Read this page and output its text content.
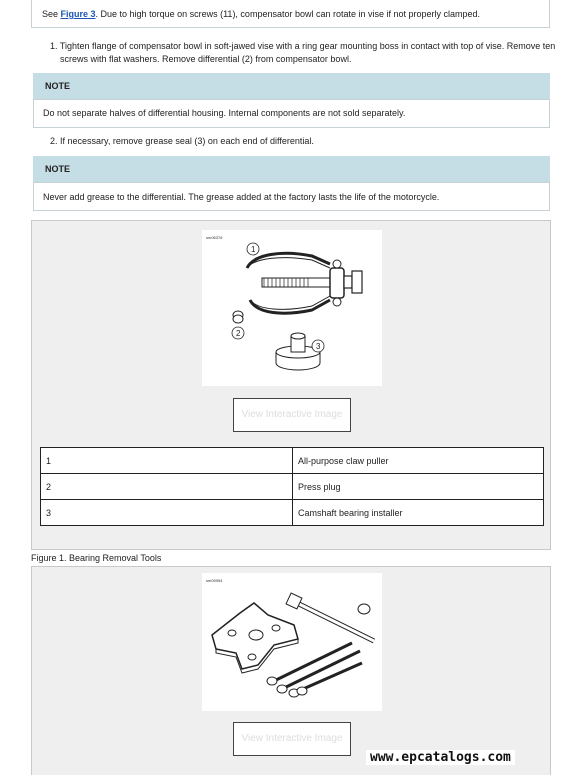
See Figure 3. Due to high torque on screws (11), compensator bowl can rotate in vise if not properly clamped.
1. Tighten flange of compensator bowl in soft-jawed vise with a ring gear mounting boss in contact with top of vise. Remove ten
screws with flat washers. Remove differential (2) from compensator bowl.
NOTE
Do not separate halves of differential housing. Internal components are not sold separately.
2. If necessary, remove grease seal (3) on each end of differential.
NOTE
Never add grease to the differential. The grease added at the factory lasts the life of the motorcycle.
sm06376
1
2
3
View Interactive Image
1	All-purpose claw puller
2	Press plug
3	Camshaft bearing installer
Figure 1. Bearing Removal Tools
sm09954
View Interactive Image
www.epcatalogs.com
